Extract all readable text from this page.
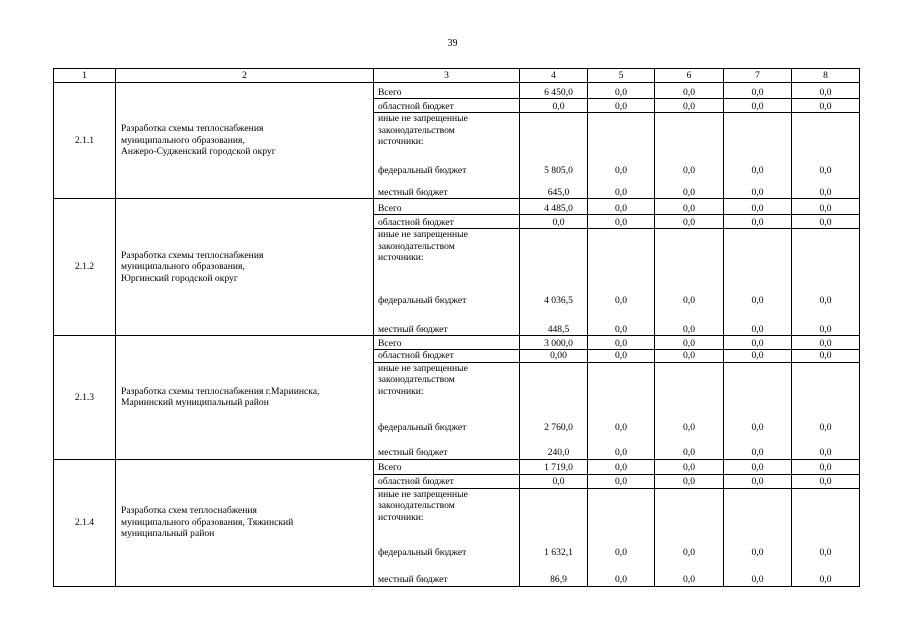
39
1	2	3	4	5	6	7	8
2.1.1	Разработка схемы теплоснабжения
муниципального образования,
Анжеро-Судженский городской округ	Всего	6 450,0	0,0	0,0	0,0	0,0
		областной бюджет	0,0	0,0	0,0	0,0	0,0

		иные не запрещенные
законодательством
источники:					

		федеральный бюджет	5 805,0	0,0	0,0	0,0	0,0
		местный бюджет	645,0	0,0	0,0	0,0	0,0
2.1.2	Разработка схемы теплоснабжения
муниципального образования,
Юргинский городской округ	Всего	4 485,0	0,0	0,0	0,0	0,0
		областной бюджет	0,0	0,0	0,0	0,0	0,0

		иные не запрещенные
законодательством
источники:					

		федеральный бюджет	4 036,5	0,0	0,0	0,0	0,0
		местный бюджет	448,5	0,0	0,0	0,0	0,0
2.1.3	Разработка схемы теплоснабжения г.Мариинска,
Мариинский муниципальный район	Всего	3 000,0	0,0	0,0	0,0	0,0
		областной бюджет	0,00	0,0	0,0	0,0	0,0

		иные не запрещенные
законодательством
источники:					

		федеральный бюджет	2 760,0	0,0	0,0	0,0	0,0
		местный бюджет	240,0	0,0	0,0	0,0	0,0
2.1.4	Разработка схем теплоснабжения
муниципального образования, Тяжинский
муниципальный район	Всего	1 719,0	0,0	0,0	0,0	0,0
		областной бюджет	0,0	0,0	0,0	0,0	0,0

		иные не запрещенные
законодательством
источники:					

		федеральный бюджет	1 632,1	0,0	0,0	0,0	0,0
		местный бюджет	86,9	0,0	0,0	0,0	0,0
